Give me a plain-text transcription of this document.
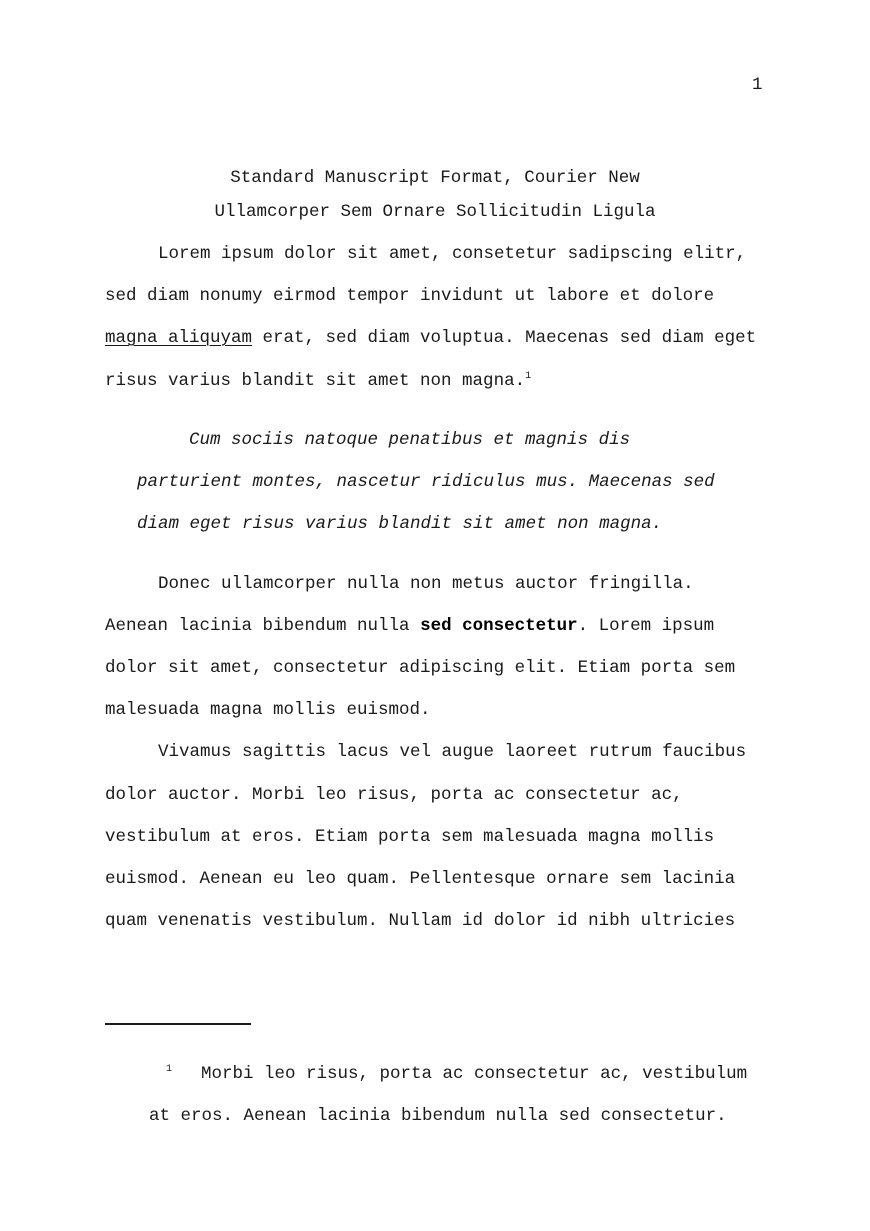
1
Standard Manuscript Format, Courier New
Ullamcorper Sem Ornare Sollicitudin Ligula
Lorem ipsum dolor sit amet, consetetur sadipscing elitr,
sed diam nonumy eirmod tempor invidunt ut labore et dolore
magna aliquyam erat, sed diam voluptua. Maecenas sed diam eget
risus varius blandit sit amet non magna.$^1$
Cum sociis natoque penatibus et magnis dis
parturient montes, nascetur ridiculus mus. Maecenas sed
diam eget risus varius blandit sit amet non magna.
Donec ullamcorper nulla non metus auctor fringilla.
Aenean lacinia bibendum nulla sed consectetur. Lorem ipsum
dolor sit amet, consectetur adipiscing elit. Etiam porta sem
malesuada magna mollis euismod.
Vivamus sagittis lacus vel augue laoreet rutrum faucibus
dolor auctor. Morbi leo risus, porta ac consectetur ac,
vestibulum at eros. Etiam porta sem malesuada magna mollis
euismod. Aenean eu leo quam. Pellentesque ornare sem lacinia
quam venenatis vestibulum. Nullam id dolor id nibh ultricies
1 Morbi leo risus, porta ac consectetur ac, vestibulum
at eros. Aenean lacinia bibendum nulla sed consectetur.
